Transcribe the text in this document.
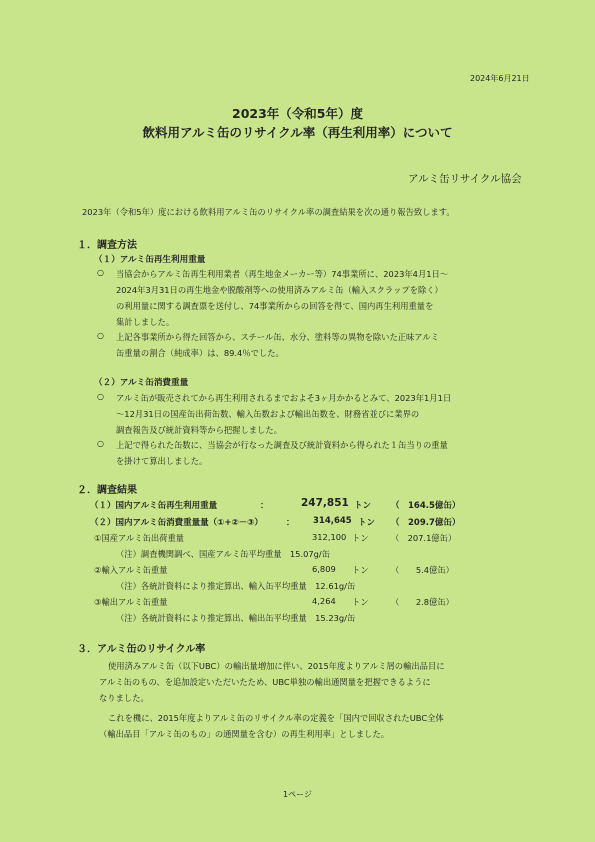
2024年6月21日
2023年（令和5年）度
飲料用アルミ缶のリサイクル率（再生利用率）について
アルミ缶リサイクル協会
2023年（令和5年）度における飲料用アルミ缶のリサイクル率の調査結果を次の通り報告致します。
１．調査方法
（１）アルミ缶再生利用重量
○ 当協会からアルミ缶再生利用業者（再生地金メーカー等）74事業所に、2023年4月1日～
2024年3月31日の再生地金や脱酸剤等への使用済みアルミ缶（輸入スクラップを除く）
の利用量に関する調査票を送付し、74事業所からの回答を得て、国内再生利用重量を
集計しました。
○ 上記各事業所から得た回答から、スチール缶、水分、塗料等の異物を除いた正味アルミ
缶重量の割合（純成率）は、89.4％でした。
（２）アルミ缶消費重量
○ アルミ缶が販売されてから再生利用されるまでおよそ3ヶ月かかるとみて、2023年1月1日
～12月31日の国産缶出荷缶数、輸入缶数および輸出缶数を、財務省並びに業界の
調査報告及び統計資料等から把握しました。
○ 上記で得られた缶数に、当協会が行なった調査及び統計資料から得られた１缶当りの重量
を掛けて算出しました。
２．調査結果
（１）国内アルミ缶再生利用重量	：	247,851 トン （　164.5億缶）
（２）国内アルミ缶消費重量量（①+②－③）	： 314,645 トン （　209.7億缶）
①国産アルミ缶出荷重量	312,100 トン	（　207.1億缶）
（注）調査機関調べ、国産アルミ缶平均重量　15.07g/缶
②輸入アルミ缶重量	6,809 トン	（　　5.4億缶）
（注）各統計資料により推定算出、輸入缶平均重量　12.61g/缶
③輸出アルミ缶重量	4,264 トン	（　　2.8億缶）
（注）各統計資料により推定算出、輸出缶平均重量　15.23g/缶
３．アルミ缶のリサイクル率
使用済みアルミ缶（以下UBC）の輸出量増加に伴い、2015年度よりアルミ屑の輸出品目に
アルミ缶のもの、を追加設定いただいたため、UBC単独の輸出通関量を把握できるように
なりました。
これを機に、2015年度よりアルミ缶のリサイクル率の定義を「国内で回収されたUBC全体
（輸出品目「アルミ缶のもの」の通関量を含む）の再生利用率」としました。
1ページ
